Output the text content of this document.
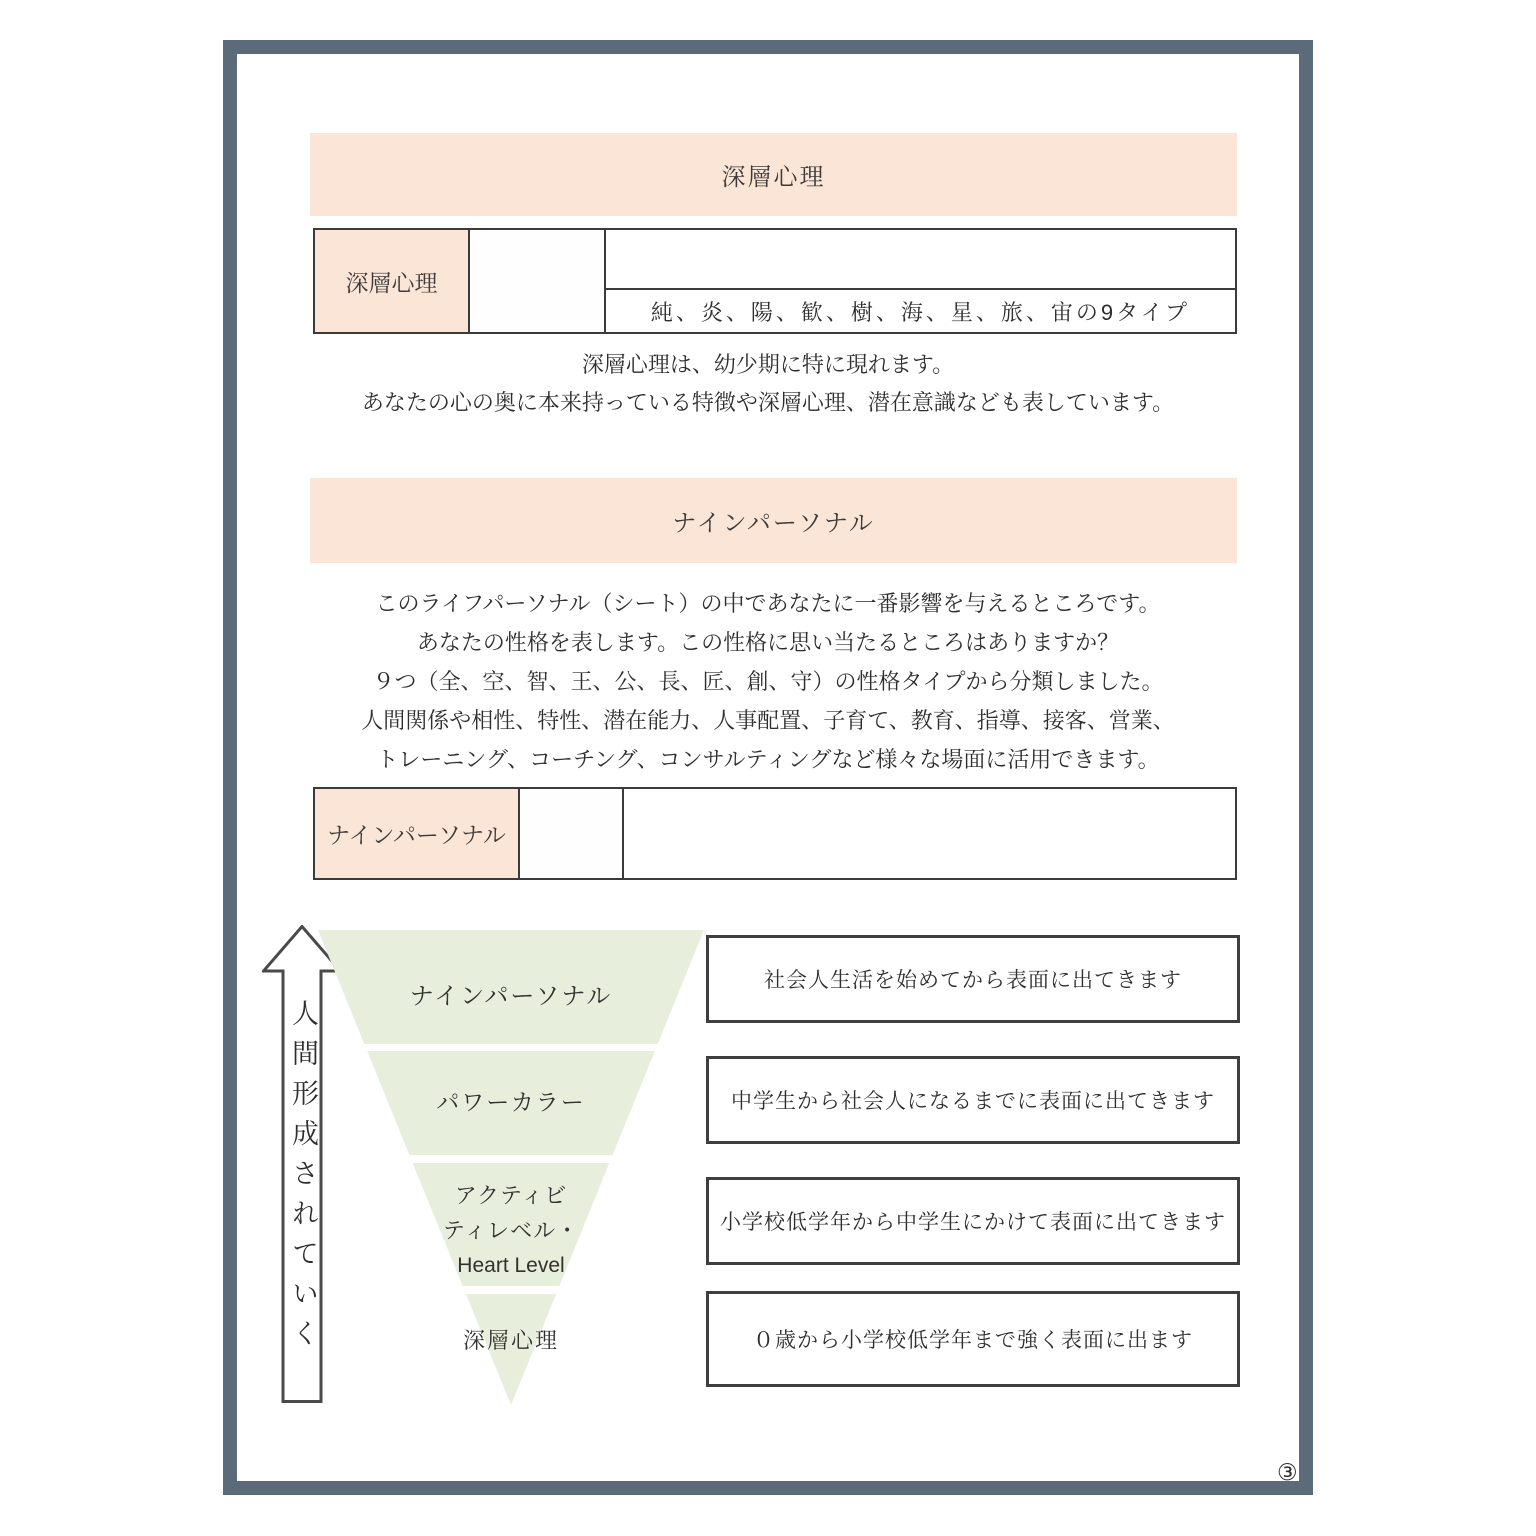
深層心理
深層心理
純、炎、陽、歓、樹、海、星、旅、宙の9タイプ
深層心理は、幼少期に特に現れます。
あなたの心の奥に本来持っている特徴や深層心理、潜在意識なども表しています。
ナインパーソナル
このライフパーソナル（シート）の中であなたに一番影響を与えるところです。
あなたの性格を表します。この性格に思い当たるところはありますか？
９つ（全、空、智、王、公、長、匠、創、守）の性格タイプから分類しました。
人間関係や相性、特性、潜在能力、人事配置、子育て、教育、指導、接客、営業、
トレーニング、コーチング、コンサルティングなど様々な場面に活用できます。
ナインパーソナル
人間形成されていく
ナインパーソナル
パワーカラー
アクティビ
ティレベル・
Heart Level
深層心理
社会人生活を始めてから表面に出てきます
中学生から社会人になるまでに表面に出てきます
小学校低学年から中学生にかけて表面に出てきます
０歳から小学校低学年まで強く表面に出ます
③
